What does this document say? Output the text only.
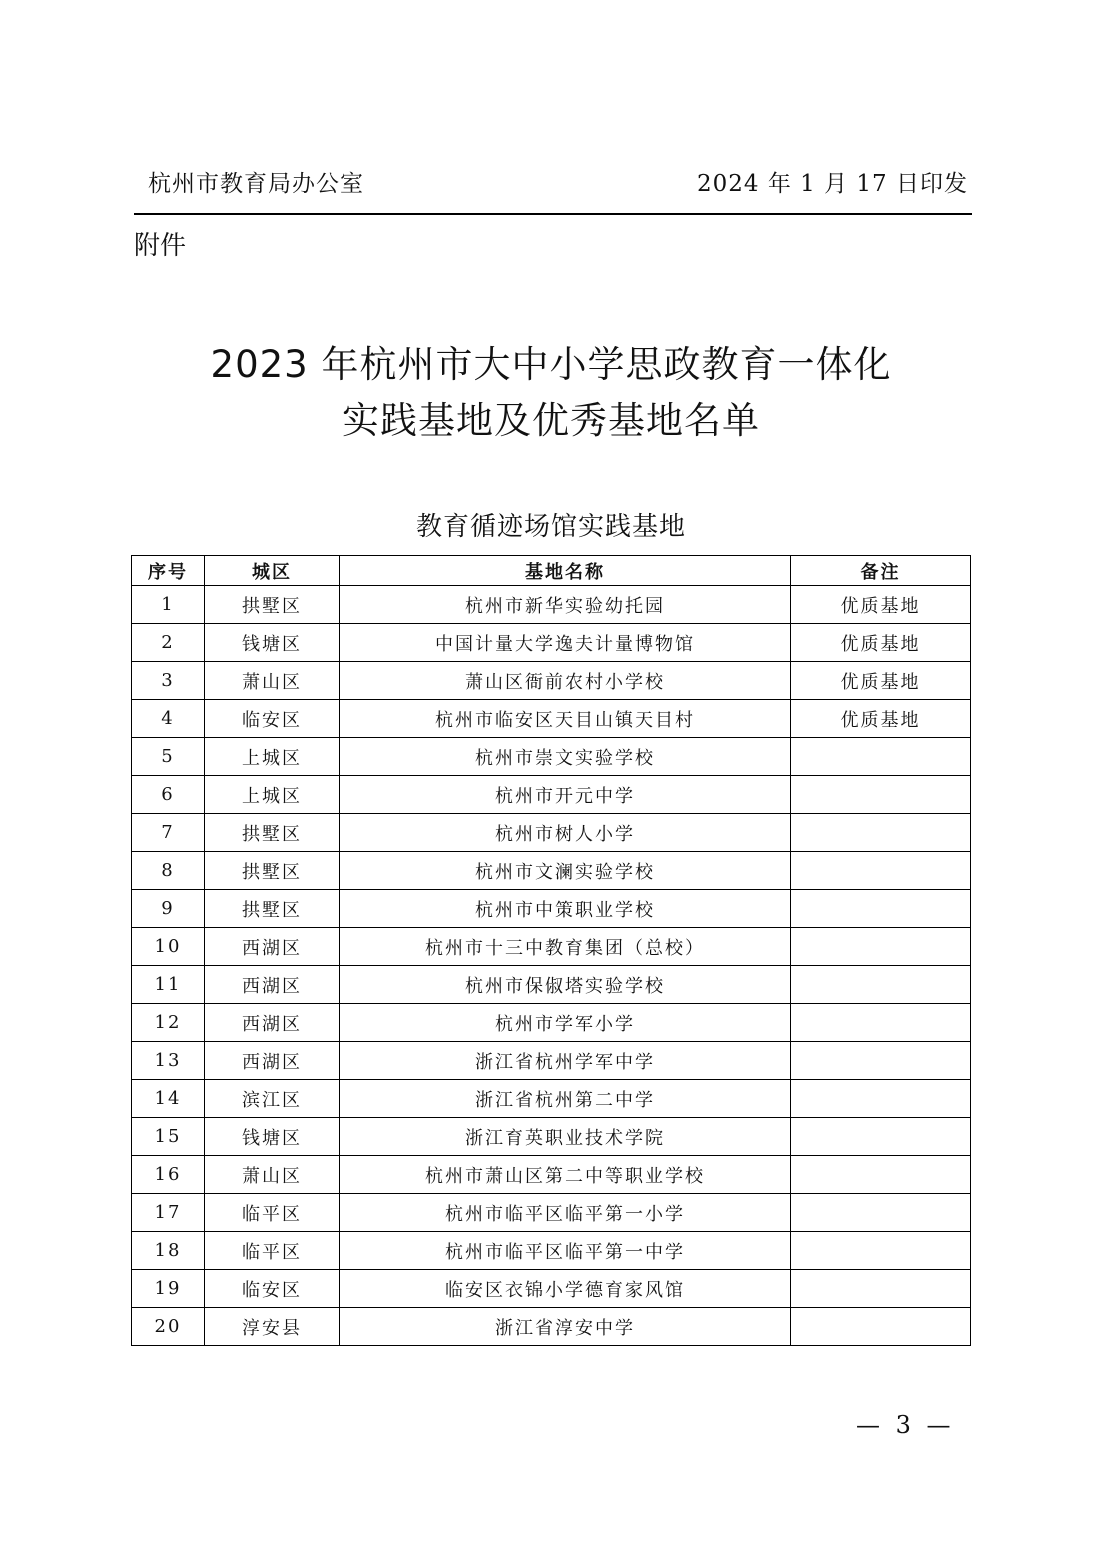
杭州市教育局办公室	2024 年 1 月 17 日印发
附件
2023 年杭州市大中小学思政教育一体化
实践基地及优秀基地名单
教育循迹场馆实践基地
序号	城区	基地名称	备注
1	拱墅区	杭州市新华实验幼托园	优质基地
2	钱塘区	中国计量大学逸夫计量博物馆	优质基地
3	萧山区	萧山区衙前农村小学校	优质基地
4	临安区	杭州市临安区天目山镇天目村	优质基地
5	上城区	杭州市崇文实验学校	
6	上城区	杭州市开元中学	
7	拱墅区	杭州市树人小学	
8	拱墅区	杭州市文澜实验学校	
9	拱墅区	杭州市中策职业学校	
10	西湖区	杭州市十三中教育集团（总校）	
11	西湖区	杭州市保俶塔实验学校	
12	西湖区	杭州市学军小学	
13	西湖区	浙江省杭州学军中学	
14	滨江区	浙江省杭州第二中学	
15	钱塘区	浙江育英职业技术学院	
16	萧山区	杭州市萧山区第二中等职业学校	
17	临平区	杭州市临平区临平第一小学	
18	临平区	杭州市临平区临平第一中学	
19	临安区	临安区衣锦小学德育家风馆	
20	淳安县	浙江省淳安中学	
— 3 —
